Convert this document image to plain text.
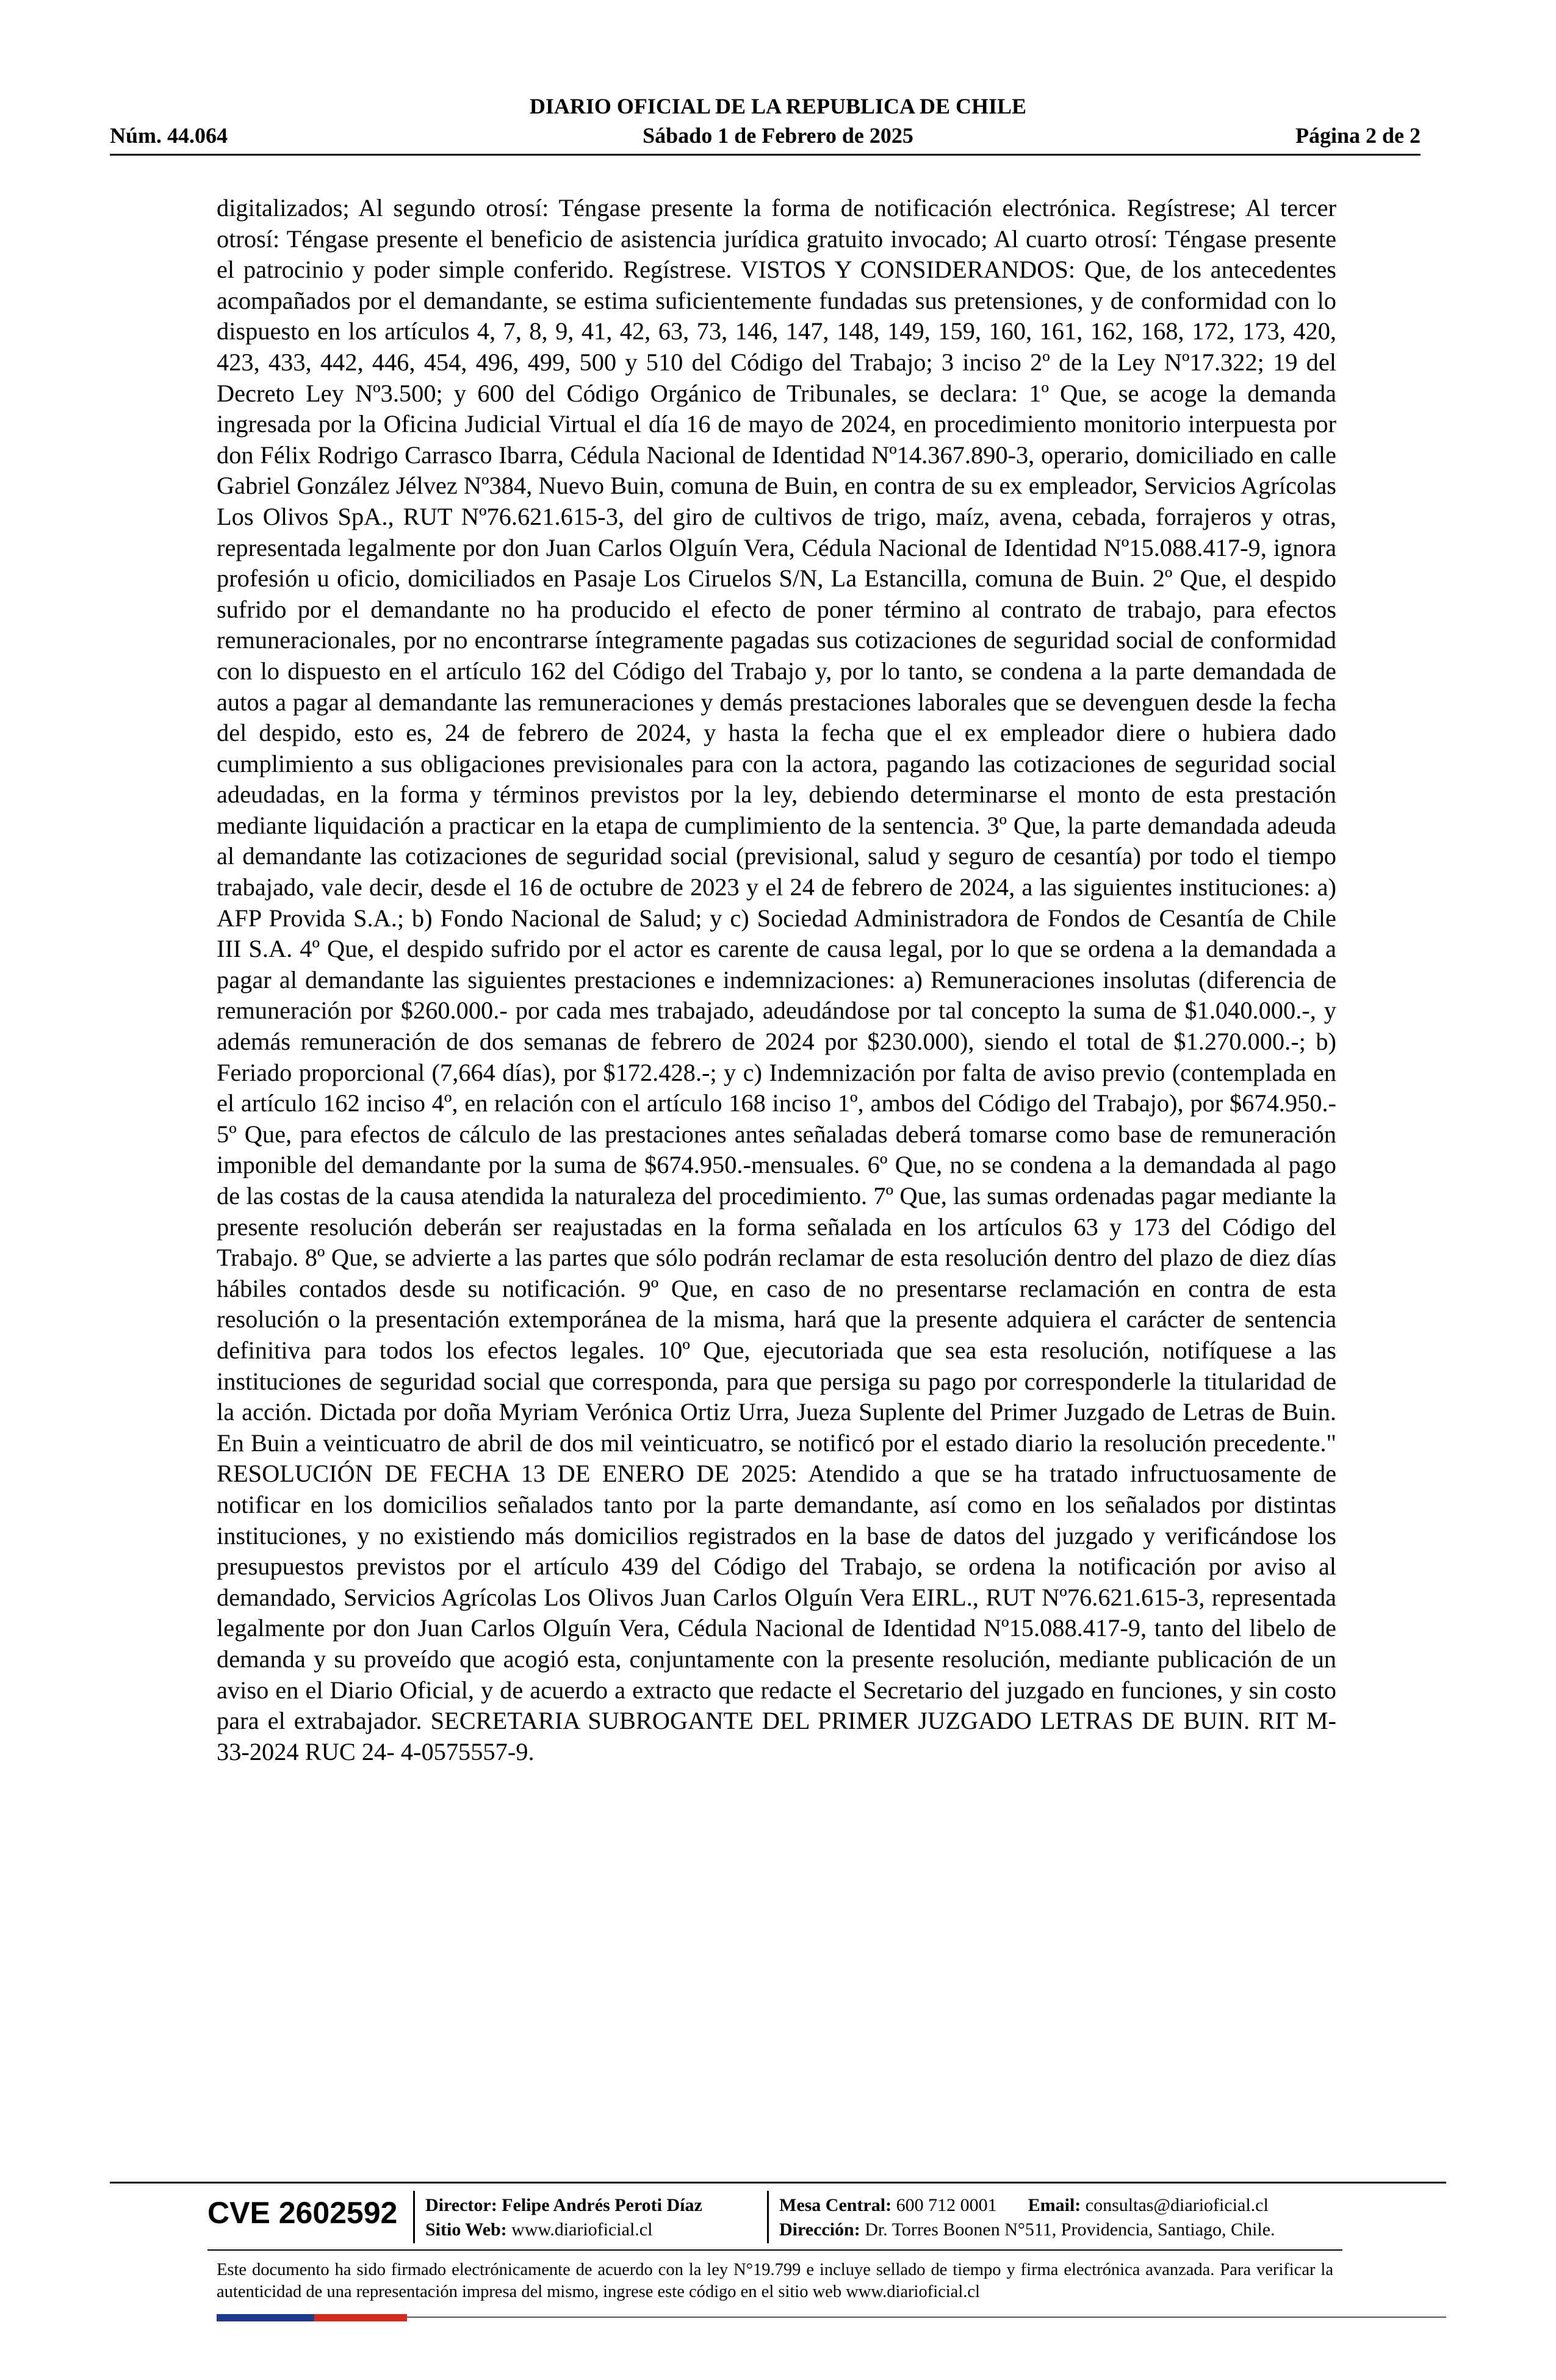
DIARIO OFICIAL DE LA REPUBLICA DE CHILE
Núm. 44.064	Sábado 1 de Febrero de 2025	Página 2 de 2
digitalizados; Al segundo otrosí: Téngase presente la forma de notificación electrónica. Regístrese; Al tercer otrosí: Téngase presente el beneficio de asistencia jurídica gratuito invocado; Al cuarto otrosí: Téngase presente el patrocinio y poder simple conferido. Regístrese. VISTOS Y CONSIDERANDOS: Que, de los antecedentes acompañados por el demandante, se estima suficientemente fundadas sus pretensiones, y de conformidad con lo dispuesto en los artículos 4, 7, 8, 9, 41, 42, 63, 73, 146, 147, 148, 149, 159, 160, 161, 162, 168, 172, 173, 420, 423, 433, 442, 446, 454, 496, 499, 500 y 510 del Código del Trabajo; 3 inciso 2º de la Ley Nº17.322; 19 del Decreto Ley Nº3.500; y 600 del Código Orgánico de Tribunales, se declara: 1º Que, se acoge la demanda ingresada por la Oficina Judicial Virtual el día 16 de mayo de 2024, en procedimiento monitorio interpuesta por don Félix Rodrigo Carrasco Ibarra, Cédula Nacional de Identidad Nº14.367.890-3, operario, domiciliado en calle Gabriel González Jélvez Nº384, Nuevo Buin, comuna de Buin, en contra de su ex empleador, Servicios Agrícolas Los Olivos SpA., RUT Nº76.621.615-3, del giro de cultivos de trigo, maíz, avena, cebada, forrajeros y otras, representada legalmente por don Juan Carlos Olguín Vera, Cédula Nacional de Identidad Nº15.088.417-9, ignora profesión u oficio, domiciliados en Pasaje Los Ciruelos S/N, La Estancilla, comuna de Buin. 2º Que, el despido sufrido por el demandante no ha producido el efecto de poner término al contrato de trabajo, para efectos remuneracionales, por no encontrarse íntegramente pagadas sus cotizaciones de seguridad social de conformidad con lo dispuesto en el artículo 162 del Código del Trabajo y, por lo tanto, se condena a la parte demandada de autos a pagar al demandante las remuneraciones y demás prestaciones laborales que se devenguen desde la fecha del despido, esto es, 24 de febrero de 2024, y hasta la fecha que el ex empleador diere o hubiera dado cumplimiento a sus obligaciones previsionales para con la actora, pagando las cotizaciones de seguridad social adeudadas, en la forma y términos previstos por la ley, debiendo determinarse el monto de esta prestación mediante liquidación a practicar en la etapa de cumplimiento de la sentencia. 3º Que, la parte demandada adeuda al demandante las cotizaciones de seguridad social (previsional, salud y seguro de cesantía) por todo el tiempo trabajado, vale decir, desde el 16 de octubre de 2023 y el 24 de febrero de 2024, a las siguientes instituciones: a) AFP Provida S.A.; b) Fondo Nacional de Salud; y c) Sociedad Administradora de Fondos de Cesantía de Chile III S.A. 4º Que, el despido sufrido por el actor es carente de causa legal, por lo que se ordena a la demandada a pagar al demandante las siguientes prestaciones e indemnizaciones: a) Remuneraciones insolutas (diferencia de remuneración por $260.000.- por cada mes trabajado, adeudándose por tal concepto la suma de $1.040.000.-, y además remuneración de dos semanas de febrero de 2024 por $230.000), siendo el total de $1.270.000.-; b) Feriado proporcional (7,664 días), por $172.428.-; y c) Indemnización por falta de aviso previo (contemplada en el artículo 162 inciso 4º, en relación con el artículo 168 inciso 1º, ambos del Código del Trabajo), por $674.950.- 5º Que, para efectos de cálculo de las prestaciones antes señaladas deberá tomarse como base de remuneración imponible del demandante por la suma de $674.950.-mensuales. 6º Que, no se condena a la demandada al pago de las costas de la causa atendida la naturaleza del procedimiento. 7º Que, las sumas ordenadas pagar mediante la presente resolución deberán ser reajustadas en la forma señalada en los artículos 63 y 173 del Código del Trabajo. 8º Que, se advierte a las partes que sólo podrán reclamar de esta resolución dentro del plazo de diez días hábiles contados desde su notificación. 9º Que, en caso de no presentarse reclamación en contra de esta resolución o la presentación extemporánea de la misma, hará que la presente adquiera el carácter de sentencia definitiva para todos los efectos legales. 10º Que, ejecutoriada que sea esta resolución, notifíquese a las instituciones de seguridad social que corresponda, para que persiga su pago por corresponderle la titularidad de la acción. Dictada por doña Myriam Verónica Ortiz Urra, Jueza Suplente del Primer Juzgado de Letras de Buin. En Buin a veinticuatro de abril de dos mil veinticuatro, se notificó por el estado diario la resolución precedente." RESOLUCIÓN DE FECHA 13 DE ENERO DE 2025: Atendido a que se ha tratado infructuosamente de notificar en los domicilios señalados tanto por la parte demandante, así como en los señalados por distintas instituciones, y no existiendo más domicilios registrados en la base de datos del juzgado y verificándose los presupuestos previstos por el artículo 439 del Código del Trabajo, se ordena la notificación por aviso al demandado, Servicios Agrícolas Los Olivos Juan Carlos Olguín Vera EIRL., RUT Nº76.621.615-3, representada legalmente por don Juan Carlos Olguín Vera, Cédula Nacional de Identidad Nº15.088.417-9, tanto del libelo de demanda y su proveído que acogió esta, conjuntamente con la presente resolución, mediante publicación de un aviso en el Diario Oficial, y de acuerdo a extracto que redacte el Secretario del juzgado en funciones, y sin costo para el extrabajador. SECRETARIA SUBROGANTE DEL PRIMER JUZGADO LETRAS DE BUIN. RIT M-33-2024 RUC 24- 4-0575557-9.
CVE 2602592 Director: Felipe Andrés Peroti Díaz
Sitio Web: www.diarioficial.cl
Mesa Central: 600 712 0001 Email: consultas@diarioficial.cl
Dirección: Dr. Torres Boonen N°511, Providencia, Santiago, Chile.
Este documento ha sido firmado electrónicamente de acuerdo con la ley N°19.799 e incluye sellado de tiempo y firma electrónica avanzada. Para verificar la autenticidad de una representación impresa del mismo, ingrese este código en el sitio web www.diarioficial.cl
